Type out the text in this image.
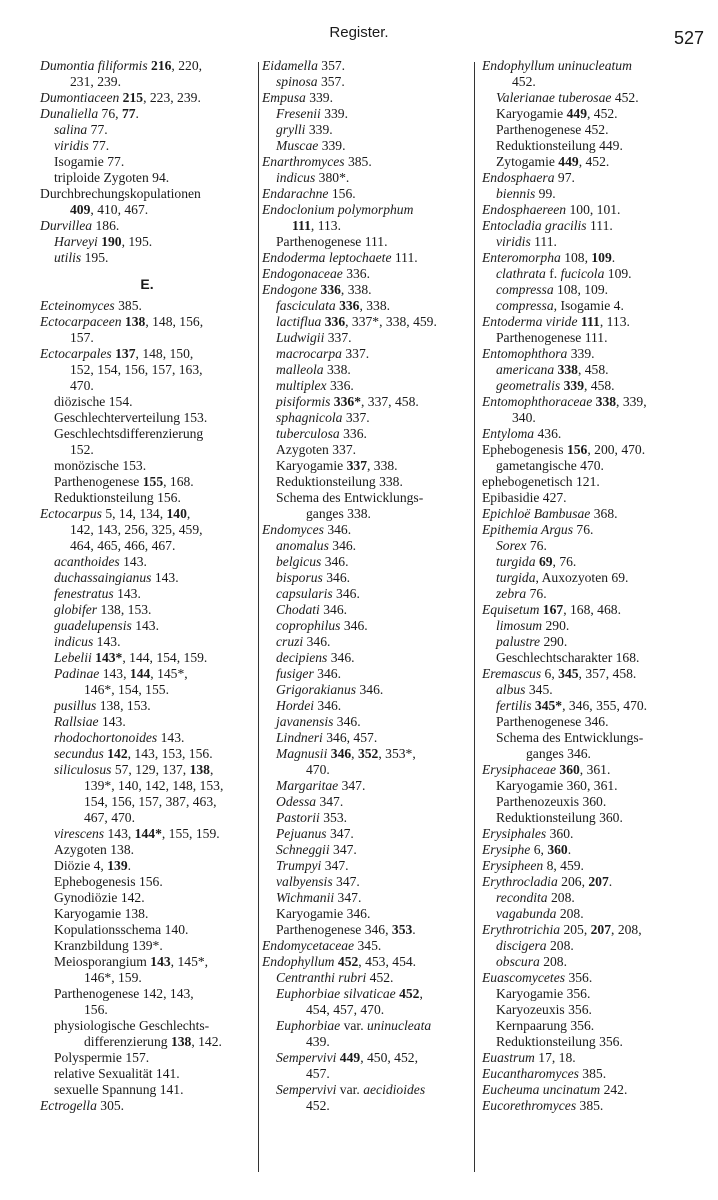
Register.	527
Dumontia filiformis 216, 220,
231, 239.
Dumontiaceen 215, 223, 239.
Dunaliella 76, 77.
salina 77.
viridis 77.
Isogamie 77.
triploide Zygoten 94.
Durchbrechungskopulationen
409, 410, 467.
Durvillea 186.
Harveyi 190, 195.
utilis 195.
E.
Ecteinomyces 385.
Ectocarpaceen 138, 148, 156,
157.
Ectocarpales 137, 148, 150,
152, 154, 156, 157, 163,
470.
diözische 154.
Geschlechterverteilung 153.
Geschlechtsdifferenzierung
152.
monözische 153.
Parthenogenese 155, 168.
Reduktionsteilung 156.
Ectocarpus 5, 14, 134, 140,
142, 143, 256, 325, 459,
464, 465, 466, 467.
acanthoides 143.
duchassaingianus 143.
fenestratus 143.
globifer 138, 153.
guadelupensis 143.
indicus 143.
Lebelii 143*, 144, 154, 159.
Padinae 143, 144, 145*,
146*, 154, 155.
pusillus 138, 153.
Rallsiae 143.
rhodochortonoides 143.
secundus 142, 143, 153, 156.
siliculosus 57, 129, 137, 138,
139*, 140, 142, 148, 153,
154, 156, 157, 387, 463,
467, 470.
virescens 143, 144*, 155, 159.
Azygoten 138.
Diözie 4, 139.
Ephebogenesis 156.
Gynodiözie 142.
Karyogamie 138.
Kopulationsschema 140.
Kranzbildung 139*.
Meiosporangium 143, 145*,
146*, 159.
Parthenogenese 142, 143,
156.
physiologische Geschlechts-
differenzierung 138, 142.
Polyspermie 157.
relative Sexualität 141.
sexuelle Spannung 141.
Ectrogella 305.
Eidamella 357.
spinosa 357.
Empusa 339.
Fresenii 339.
grylli 339.
Muscae 339.
Enarthromyces 385.
indicus 380*.
Endarachne 156.
Endoclonium polymorphum
111, 113.
Parthenogenese 111.
Endoderma leptochaete 111.
Endogonaceae 336.
Endogone 336, 338.
fasciculata 336, 338.
lactiflua 336, 337*, 338, 459.
Ludwigii 337.
macrocarpa 337.
malleola 338.
multiplex 336.
pisiformis 336*, 337, 458.
sphagnicola 337.
tuberculosa 336.
Azygoten 337.
Karyogamie 337, 338.
Reduktionsteilung 338.
Schema des Entwicklungs-
ganges 338.
Endomyces 346.
anomalus 346.
belgicus 346.
bisporus 346.
capsularis 346.
Chodati 346.
coprophilus 346.
cruzi 346.
decipiens 346.
fusiger 346.
Grigorakianus 346.
Hordei 346.
javanensis 346.
Lindneri 346, 457.
Magnusii 346, 352, 353*,
470.
Margaritae 347.
Odessa 347.
Pastorii 353.
Pejuanus 347.
Schneggii 347.
Trumpyi 347.
valbyensis 347.
Wichmanii 347.
Karyogamie 346.
Parthenogenese 346, 353.
Endomycetaceae 345.
Endophyllum 452, 453, 454.
Centranthi rubri 452.
Euphorbiae silvaticae 452,
454, 457, 470.
Euphorbiae var. uninucleata
439.
Sempervivi 449, 450, 452,
457.
Sempervivi var. aecidioides
452.
Endophyllum uninucleatum
452.
Valerianae tuberosae 452.
Karyogamie 449, 452.
Parthenogenese 452.
Reduktionsteilung 449.
Zytogamie 449, 452.
Endosphaera 97.
biennis 99.
Endosphaereen 100, 101.
Entocladia gracilis 111.
viridis 111.
Enteromorpha 108, 109.
clathrata f. fucicola 109.
compressa 108, 109.
compressa, Isogamie 4.
Entoderma viride 111, 113.
Parthenogenese 111.
Entomophthora 339.
americana 338, 458.
geometralis 339, 458.
Entomophthoraceae 338, 339,
340.
Entyloma 436.
Ephebogenesis 156, 200, 470.
gametangische 470.
ephebogenetisch 121.
Epibasidie 427.
Epichloë Bambusae 368.
Epithemia Argus 76.
Sorex 76.
turgida 69, 76.
turgida, Auxozyoten 69.
zebra 76.
Equisetum 167, 168, 468.
limosum 290.
palustre 290.
Geschlechtscharakter 168.
Eremascus 6, 345, 357, 458.
albus 345.
fertilis 345*, 346, 355, 470.
Parthenogenese 346.
Schema des Entwicklungs-
ganges 346.
Erysiphaceae 360, 361.
Karyogamie 360, 361.
Parthenozeuxis 360.
Reduktionsteilung 360.
Erysiphales 360.
Erysiphe 6, 360.
Erysipheen 8, 459.
Erythrocladia 206, 207.
recondita 208.
vagabunda 208.
Erythrotrichia 205, 207, 208,
discigera 208.
obscura 208.
Euascomycetes 356.
Karyogamie 356.
Karyozeuxis 356.
Kernpaarung 356.
Reduktionsteilung 356.
Euastrum 17, 18.
Eucantharomyces 385.
Eucheuma uncinatum 242.
Eucorethromyces 385.
